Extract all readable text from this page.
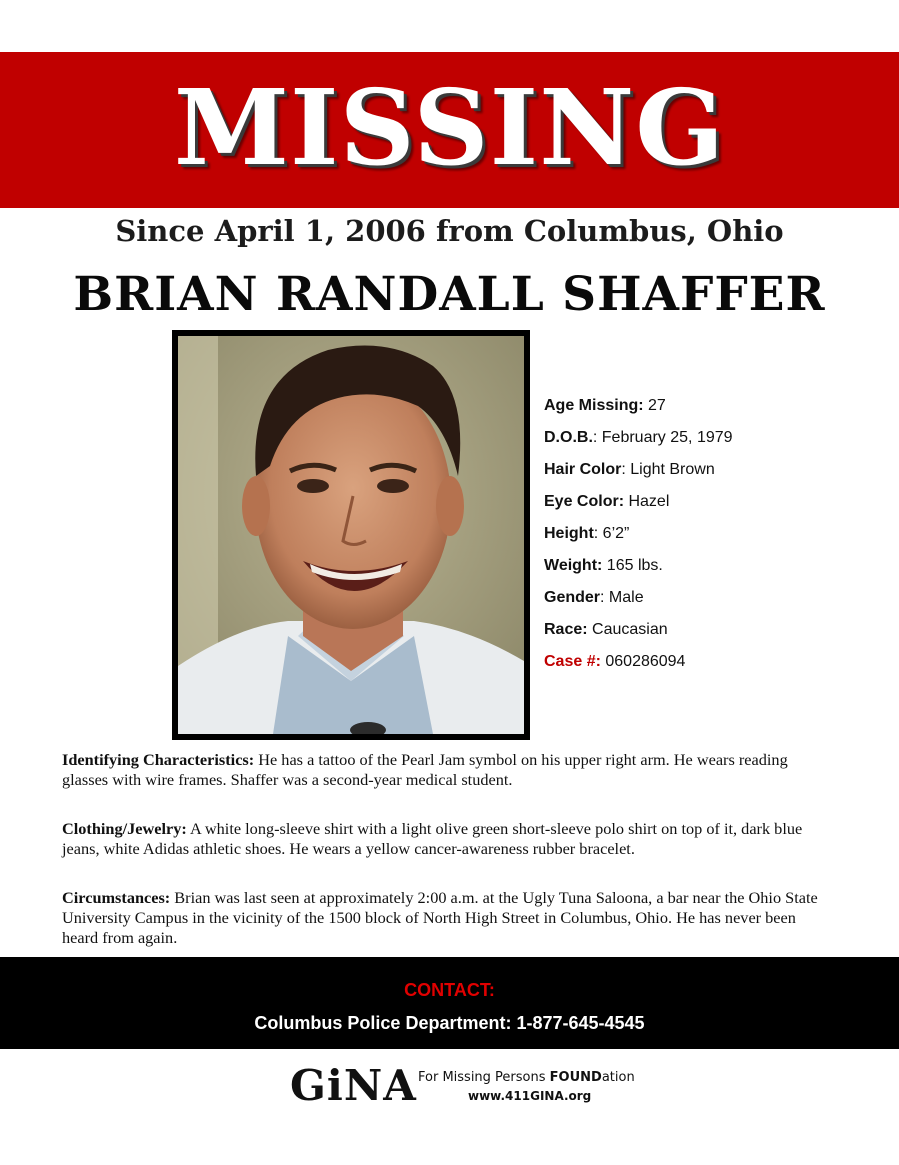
MISSING
Since April 1, 2006 from Columbus, Ohio
BRIAN RANDALL SHAFFER
Age Missing: 27
D.O.B.: February 25, 1979
Hair Color: Light Brown
Eye Color: Hazel
Height: 6’2”
Weight: 165 lbs.
Gender: Male
Race: Caucasian
Case #: 060286094
Identifying Characteristics: He has a tattoo of the Pearl Jam symbol on his upper right arm. He wears reading glasses with wire frames. Shaffer was a second-year medical student.
Clothing/Jewelry: A white long-sleeve shirt with a light olive green short-sleeve polo shirt on top of it, dark blue jeans, white Adidas athletic shoes. He wears a yellow cancer-awareness rubber bracelet.
Circumstances: Brian was last seen at approximately 2:00 a.m. at the Ugly Tuna Saloona, a bar near the Ohio State University Campus in the vicinity of the 1500 block of North High Street in Columbus, Ohio. He has never been heard from again.
CONTACT:
Columbus Police Department: 1-877-645-4545
GiNA For Missing Persons FOUNDation
www.411GINA.org
